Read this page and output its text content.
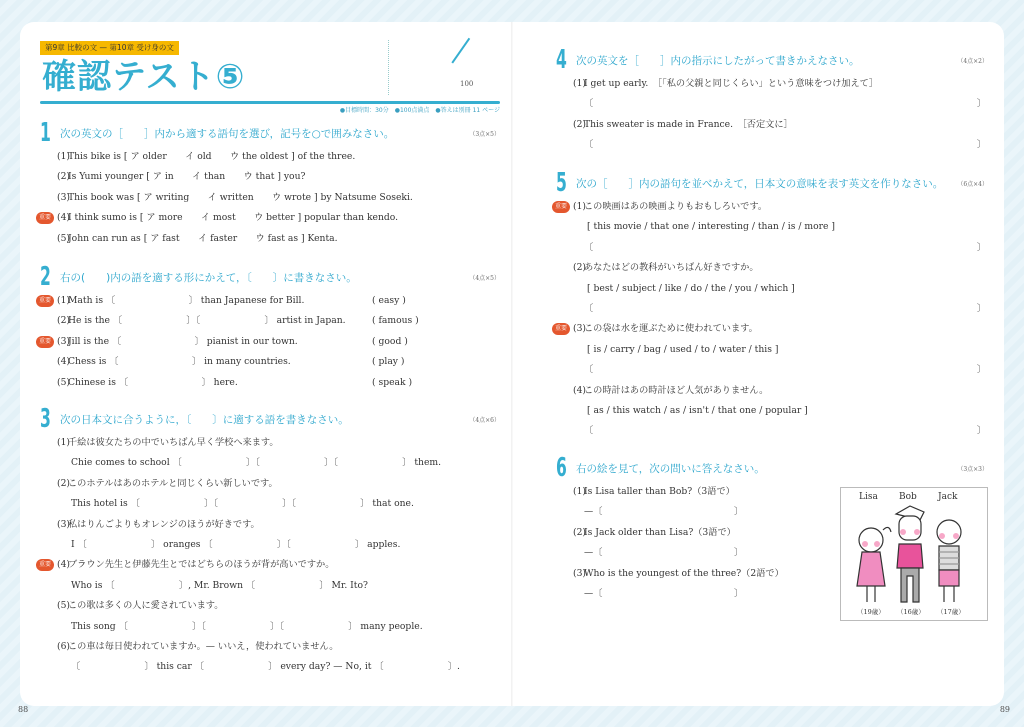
88	89
第9章 比較の文 — 第10章 受け身の文
確認テスト⑤	100
●目標時間：30分　●100点満点　●答えは別冊 11 ページ
1 次の英文の［　　］内から適する語句を選び，記号を○で囲みなさい。	（3点×5）
(1)
This bike is [ ア older　　イ old　　ウ the oldest ] of the three.
(2)
Is Yumi younger [ ア in　　イ than　　ウ that ] you?
(3)
This book was [ ア writing　　イ written　　ウ wrote ] by Natsume Soseki.
重要 (4)
I think sumo is [ ア more　　イ most　　ウ better ] popular than kendo.
(5)
John can run as [ ア fast　　イ faster　　ウ fast as ] Kenta.
2 右の(　　)内の語を適する形にかえて，〔　　〕に書きなさい。	（4点×5）
重要 (1)
Math is 〔　　　　　　　　〕 than Japanese for Bill.	( easy )
(2)
He is the 〔　　　　　　　〕〔　　　　　　　〕 artist in Japan.	( famous )
重要 (3)
Jill is the 〔　　　　　　　　〕 pianist in our town.	( good )
(4)
Chess is 〔　　　　　　　　〕 in many countries.	( play )
(5)
Chinese is 〔　　　　　　　　〕 here.	( speak )
3 次の日本文に合うように，〔　　〕に適する語を書きなさい。	（4点×6）
(1)
千絵は彼女たちの中でいちばん早く学校へ来ます。
Chie comes to school 〔　　　　　　　〕〔　　　　　　　〕〔　　　　　　　〕 them.
(2)
このホテルはあのホテルと同じくらい新しいです。
This hotel is 〔　　　　　　　〕〔　　　　　　　〕〔　　　　　　　〕 that one.
(3)
私はりんごよりもオレンジのほうが好きです。
I 〔　　　　　　　〕 oranges 〔　　　　　　　〕〔　　　　　　　〕 apples.
重要 (4)
ブラウン先生と伊藤先生とではどちらのほうが背が高いですか。
Who is 〔　　　　　　　〕, Mr. Brown 〔　　　　　　　〕 Mr. Ito?
(5)
この歌は多くの人に愛されています。
This song 〔　　　　　　　〕〔　　　　　　　〕〔　　　　　　　〕 many people.
(6)
この車は毎日使われていますか。— いいえ，使われていません。
〔　　　　　　　〕 this car 〔　　　　　　　〕 every day? — No, it 〔　　　　　　　〕.
4 次の英文を［　　］内の指示にしたがって書きかえなさい。	（4点×2）
(1)
I get up early.　［「私の父親と同じくらい」という意味をつけ加えて］
〔	〕
(2)
This sweater is made in France.　［否定文に］
〔	〕
5 次の［　　］内の語句を並べかえて，日本文の意味を表す英文を作りなさい。 （6点×4）
重要 (1)
この映画はあの映画よりもおもしろいです。
[ this movie / that one / interesting / than / is / more ]
〔	〕
(2)
あなたはどの教科がいちばん好きですか。
[ best / subject / like / do / the / you / which ]
〔	〕
重要 (3)
この袋は水を運ぶために使われています。
[ is / carry / bag / used / to / water / this ]
〔	〕
(4)
この時計はあの時計ほど人気がありません。
[ as / this watch / as / isn't / that one / popular ]
〔	〕
6 右の絵を見て，次の問いに答えなさい。	（3点×3）
(1)
Is Lisa taller than Bob?（3語で）
—〔	〕
(2)
Is Jack older than Lisa?（3語で）
—〔	〕
(3)
Who is the youngest of the three?（2語で）
—〔	〕
Lisa Bob Jack
（19歳） （16歳） （17歳）
